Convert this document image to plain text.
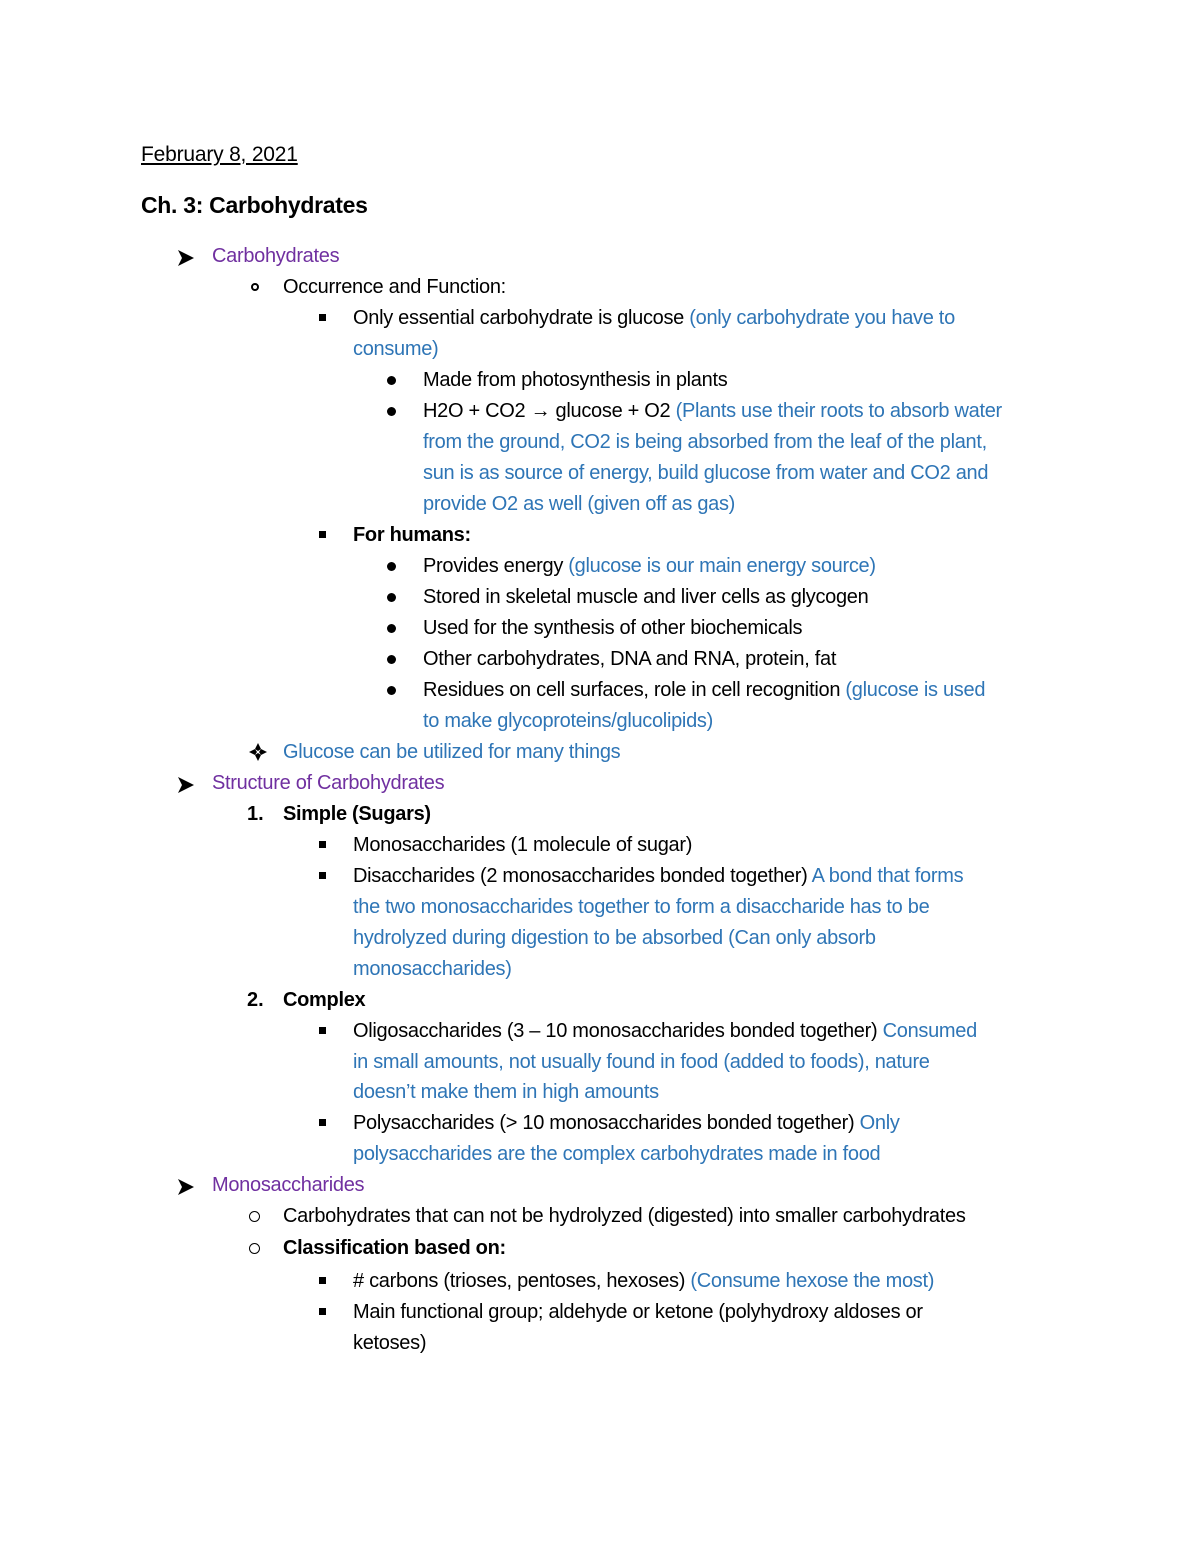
February 8, 2021
Ch. 3: Carbohydrates
Carbohydrates
Occurrence and Function:
Only essential carbohydrate is glucose (only carbohydrate you have to
consume)
Made from photosynthesis in plants
H2O + CO2 → glucose + O2 (Plants use their roots to absorb water
from the ground, CO2 is being absorbed from the leaf of the plant,
sun is as source of energy, build glucose from water and CO2 and
provide O2 as well (given off as gas)
For humans:
Provides energy (glucose is our main energy source)
Stored in skeletal muscle and liver cells as glycogen
Used for the synthesis of other biochemicals
Other carbohydrates, DNA and RNA, protein, fat
Residues on cell surfaces, role in cell recognition (glucose is used
to make glycoproteins/glucolipids)
Glucose can be utilized for many things
Structure of Carbohydrates
1. Simple (Sugars)
Monosaccharides (1 molecule of sugar)
Disaccharides (2 monosaccharides bonded together) A bond that forms
the two monosaccharides together to form a disaccharide has to be
hydrolyzed during digestion to be absorbed (Can only absorb
monosaccharides)
2. Complex
Oligosaccharides (3 – 10 monosaccharides bonded together) Consumed
in small amounts, not usually found in food (added to foods), nature
doesn’t make them in high amounts
Polysaccharides (> 10 monosaccharides bonded together) Only
polysaccharides are the complex carbohydrates made in food
Monosaccharides
Carbohydrates that can not be hydrolyzed (digested) into smaller carbohydrates
Classification based on:
# carbons (trioses, pentoses, hexoses) (Consume hexose the most)
Main functional group; aldehyde or ketone (polyhydroxy aldoses or
ketoses)
